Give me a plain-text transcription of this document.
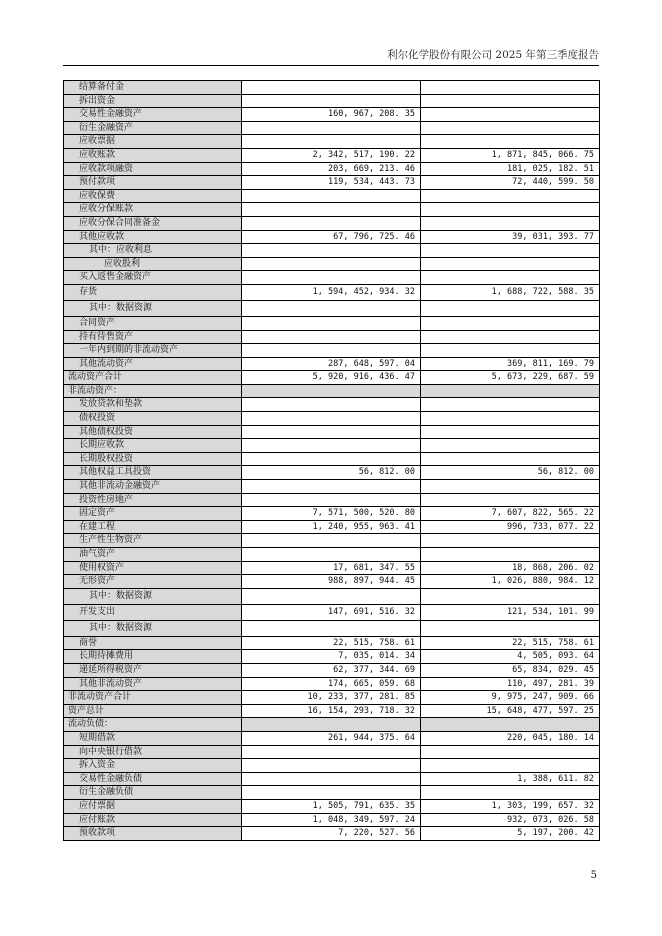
利尔化学股份有限公司 2025 年第三季度报告
结算备付金		
拆出资金		
交易性金融资产	160, 967, 208. 35	
衍生金融资产		
应收票据		
应收账款	2, 342, 517, 190. 22	1, 871, 845, 066. 75
应收款项融资	203, 669, 213. 46	181, 025, 182. 51
预付款项	119, 534, 443. 73	72, 440, 599. 50
应收保费		
应收分保账款		
应收分保合同准备金		
其他应收款	67, 796, 725. 46	39, 031, 393. 77
其中：应收利息		
应收股利		
买入返售金融资产		
存货	1, 594, 452, 934. 32	1, 688, 722, 588. 35
其中：数据资源		
合同资产		
持有待售资产		
一年内到期的非流动资产		
其他流动资产	287, 648, 597. 04	369, 811, 169. 79
流动资产合计	5, 920, 916, 436. 47	5, 673, 229, 687. 59
非流动资产：		
发放贷款和垫款		
债权投资		
其他债权投资		
长期应收款		
长期股权投资		
其他权益工具投资	56, 812. 00	56, 812. 00
其他非流动金融资产		
投资性房地产		
固定资产	7, 571, 500, 520. 80	7, 607, 822, 565. 22
在建工程	1, 240, 955, 963. 41	996, 733, 077. 22
生产性生物资产		
油气资产		
使用权资产	17, 681, 347. 55	18, 868, 206. 02
无形资产	988, 897, 944. 45	1, 026, 880, 984. 12
其中：数据资源		
开发支出	147, 691, 516. 32	121, 534, 101. 99
其中：数据资源		
商誉	22, 515, 758. 61	22, 515, 758. 61
长期待摊费用	7, 035, 014. 34	4, 505, 093. 64
递延所得税资产	62, 377, 344. 69	65, 834, 029. 45
其他非流动资产	174, 665, 059. 68	110, 497, 281. 39
非流动资产合计	10, 233, 377, 281. 85	9, 975, 247, 909. 66
资产总计	16, 154, 293, 718. 32	15, 648, 477, 597. 25
流动负债：		
短期借款	261, 944, 375. 64	220, 045, 180. 14
向中央银行借款		
拆入资金		
交易性金融负债		1, 388, 611. 82
衍生金融负债		
应付票据	1, 505, 791, 635. 35	1, 303, 199, 657. 32
应付账款	1, 048, 349, 597. 24	932, 073, 026. 58
预收款项	7, 220, 527. 56	5, 197, 200. 42
5
